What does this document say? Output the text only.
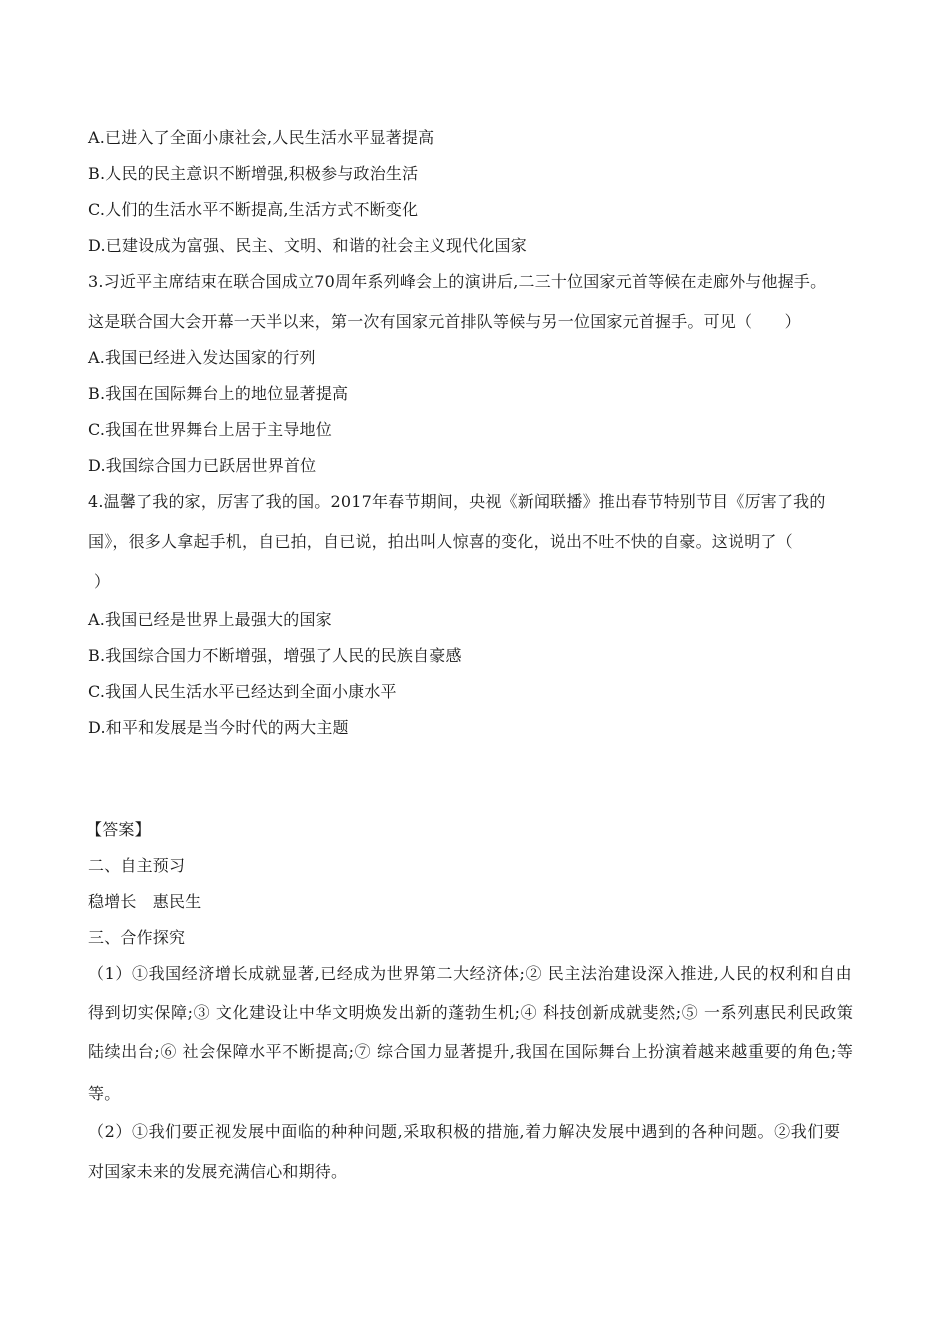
A.已进入了全面小康社会,人民生活水平显著提高
B.人民的民主意识不断增强,积极参与政治生活
C.人们的生活水平不断提高,生活方式不断变化
D.已建设成为富强、民主、文明、和谐的社会主义现代化国家
3.习近平主席结束在联合国成立70周年系列峰会上的演讲后,二三十位国家元首等候在走廊外与他握手。
这是联合国大会开幕一天半以来，第一次有国家元首排队等候与另一位国家元首握手。可见（　　）
A.我国已经进入发达国家的行列
B.我国在国际舞台上的地位显著提高
C.我国在世界舞台上居于主导地位
D.我国综合国力已跃居世界首位
4.温馨了我的家，厉害了我的国。2017年春节期间，央视《新闻联播》推出春节特别节目《厉害了我的
国》，很多人拿起手机，自已拍，自已说，拍出叫人惊喜的变化，说出不吐不快的自豪。这说明了（
）
A.我国已经是世界上最强大的国家
B.我国综合国力不断增强，增强了人民的民族自豪感
C.我国人民生活水平已经达到全面小康水平
D.和平和发展是当今时代的两大主题
【答案】
二、自主预习
稳增长　惠民生
三、合作探究
（1）①我国经济增长成就显著,已经成为世界第二大经济体;② 民主法治建设深入推进,人民的权利和自由
得到切实保障;③ 文化建设让中华文明焕发出新的蓬勃生机;④ 科技创新成就斐然;⑤ 一系列惠民利民政策
陆续出台;⑥ 社会保障水平不断提高;⑦ 综合国力显著提升,我国在国际舞台上扮演着越来越重要的角色;等
等。
（2）①我们要正视发展中面临的种种问题,采取积极的措施,着力解决发展中遇到的各种问题。②我们要
对国家未来的发展充满信心和期待。
